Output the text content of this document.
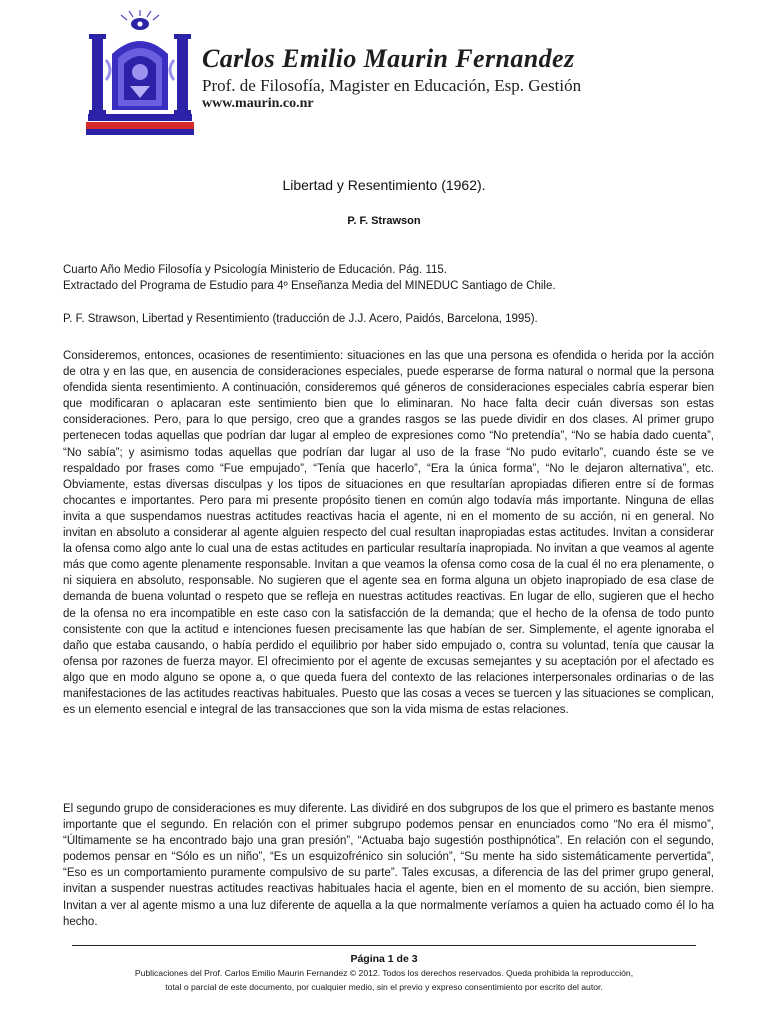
Carlos Emilio Maurin Fernandez
Prof. de Filosofía, Magister en Educación, Esp. Gestión
www.maurin.co.nr
Libertad y Resentimiento (1962).
P. F. Strawson
Cuarto Año Medio Filosofía y Psicología Ministerio de Educación. Pág. 115.
Extractado del Programa de Estudio para 4º Enseñanza Media del MINEDUC Santiago de Chile.
P. F. Strawson, Libertad y Resentimiento (traducción de J.J. Acero, Paidós, Barcelona, 1995).

Consideremos, entonces, ocasiones de resentimiento: situaciones en las que una persona es ofendida o herida por la acción de otra y en las que, en ausencia de consideraciones especiales, puede esperarse de forma natural o normal que la persona ofendida sienta resentimiento. A continuación, consideremos qué géneros de consideraciones especiales cabría esperar bien que modificaran o aplacaran este sentimiento bien que lo eliminaran. No hace falta decir cuán diversas son estas consideraciones. Pero, para lo que persigo, creo que a grandes rasgos se las puede dividir en dos clases. Al primer grupo pertenecen todas aquellas que podrían dar lugar al empleo de expresiones como “No pretendía”, “No se había dado cuenta”, “No sabía”; y asimismo todas aquellas que podrían dar lugar al uso de la frase “No pudo evitarlo”, cuando éste se ve respaldado por frases como “Fue empujado”, “Tenía que hacerlo”, “Era la única forma”, “No le dejaron alternativa”, etc. Obviamente, estas diversas disculpas y los tipos de situaciones en que resultarían apropiadas difieren entre sí de formas chocantes e importantes. Pero para mi presente propósito tienen en común algo todavía más importante. Ninguna de ellas invita a que suspendamos nuestras actitudes reactivas hacia el agente, ni en el momento de su acción, ni en general. No invitan en absoluto a considerar al agente alguien respecto del cual resultan inapropiadas estas actitudes. Invitan a considerar la ofensa como algo ante lo cual una de estas actitudes en particular resultaría inapropiada. No invitan a que veamos al agente más que como agente plenamente responsable. Invitan a que veamos la ofensa como cosa de la cual él no era plenamente, o ni siquiera en absoluto, responsable. No sugieren que el agente sea en forma alguna un objeto inapropiado de esa clase de demanda de buena voluntad o respeto que se refleja en nuestras actitudes reactivas. En lugar de ello, sugieren que el hecho de la ofensa no era incompatible en este caso con la satisfacción de la demanda; que el hecho de la ofensa de todo punto consistente con que la actitud e intenciones fuesen precisamente las que habían de ser. Simplemente, el agente ignoraba el daño que estaba causando, o había perdido el equilibrio por haber sido empujado o, contra su voluntad, tenía que causar la ofensa por razones de fuerza mayor. El ofrecimiento por el agente de excusas semejantes y su aceptación por el afectado es algo que en modo alguno se opone a, o que queda fuera del contexto de las relaciones interpersonales ordinarias o de las manifestaciones de las actitudes reactivas habituales. Puesto que las cosas a veces se tuercen y las situaciones se complican, es un elemento esencial e integral de las transacciones que son la vida misma de estas relaciones.

El segundo grupo de consideraciones es muy diferente. Las dividiré en dos subgrupos de los que el primero es bastante menos importante que el segundo. En relación con el primer subgrupo podemos pensar en enunciados como “No era él mismo”, “Últimamente se ha encontrado bajo una gran presión”, “Actuaba bajo sugestión posthipnótica”. En relación con el segundo, podemos pensar en “Sólo es un niño”, “Es un esquizofrénico sin solución”, “Su mente ha sido sistemáticamente pervertida”, “Eso es un comportamiento puramente compulsivo de su parte”. Tales excusas, a diferencia de las del primer grupo general, invitan a suspender nuestras actitudes reactivas habituales hacia el agente, bien en el momento de su acción, bien siempre. Invitan a ver al agente mismo a una luz diferente de aquella a la que normalmente veríamos a quien ha actuado como él lo ha hecho.

Página 1 de 3
Publicaciones del Prof. Carlos Emilio Maurin Fernandez © 2012. Todos los derechos reservados. Queda prohibida la reproducción,
total o parcial de este documento, por cualquier medio, sin el previo y expreso consentimiento por escrito del autor.
